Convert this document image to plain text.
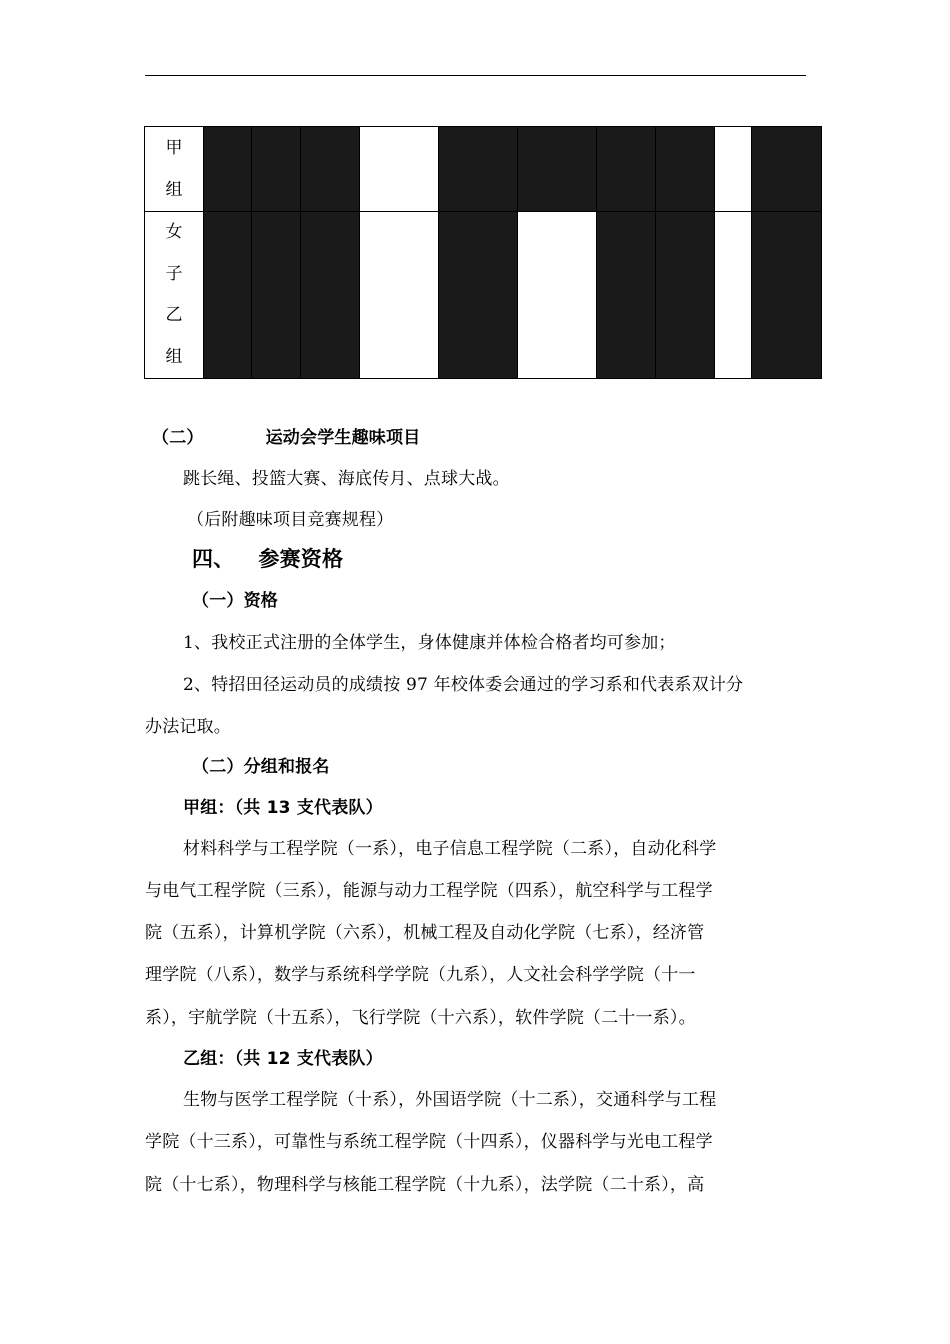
甲
组										

女
子
乙
组										

（二）	运动会学生趣味项目
跳长绳、投篮大赛、海底传月、点球大战。
（后附趣味项目竞赛规程）
四、 参赛资格
（一）资格
1、我校正式注册的全体学生，身体健康并体检合格者均可参加；
2、特招田径运动员的成绩按 97 年校体委会通过的学习系和代表系双计分
办法记取。
（二）分组和报名
甲组：（共 13 支代表队）
材料科学与工程学院（一系），电子信息工程学院（二系），自动化科学
与电气工程学院（三系），能源与动力工程学院（四系），航空科学与工程学
院（五系），计算机学院（六系），机械工程及自动化学院（七系），经济管
理学院（八系），数学与系统科学学院（九系），人文社会科学学院（十一
系），宇航学院（十五系），飞行学院（十六系），软件学院（二十一系）。
乙组：（共 12 支代表队）
生物与医学工程学院（十系），外国语学院（十二系），交通科学与工程
学院（十三系），可靠性与系统工程学院（十四系），仪器科学与光电工程学
院（十七系），物理科学与核能工程学院（十九系），法学院（二十系），高
